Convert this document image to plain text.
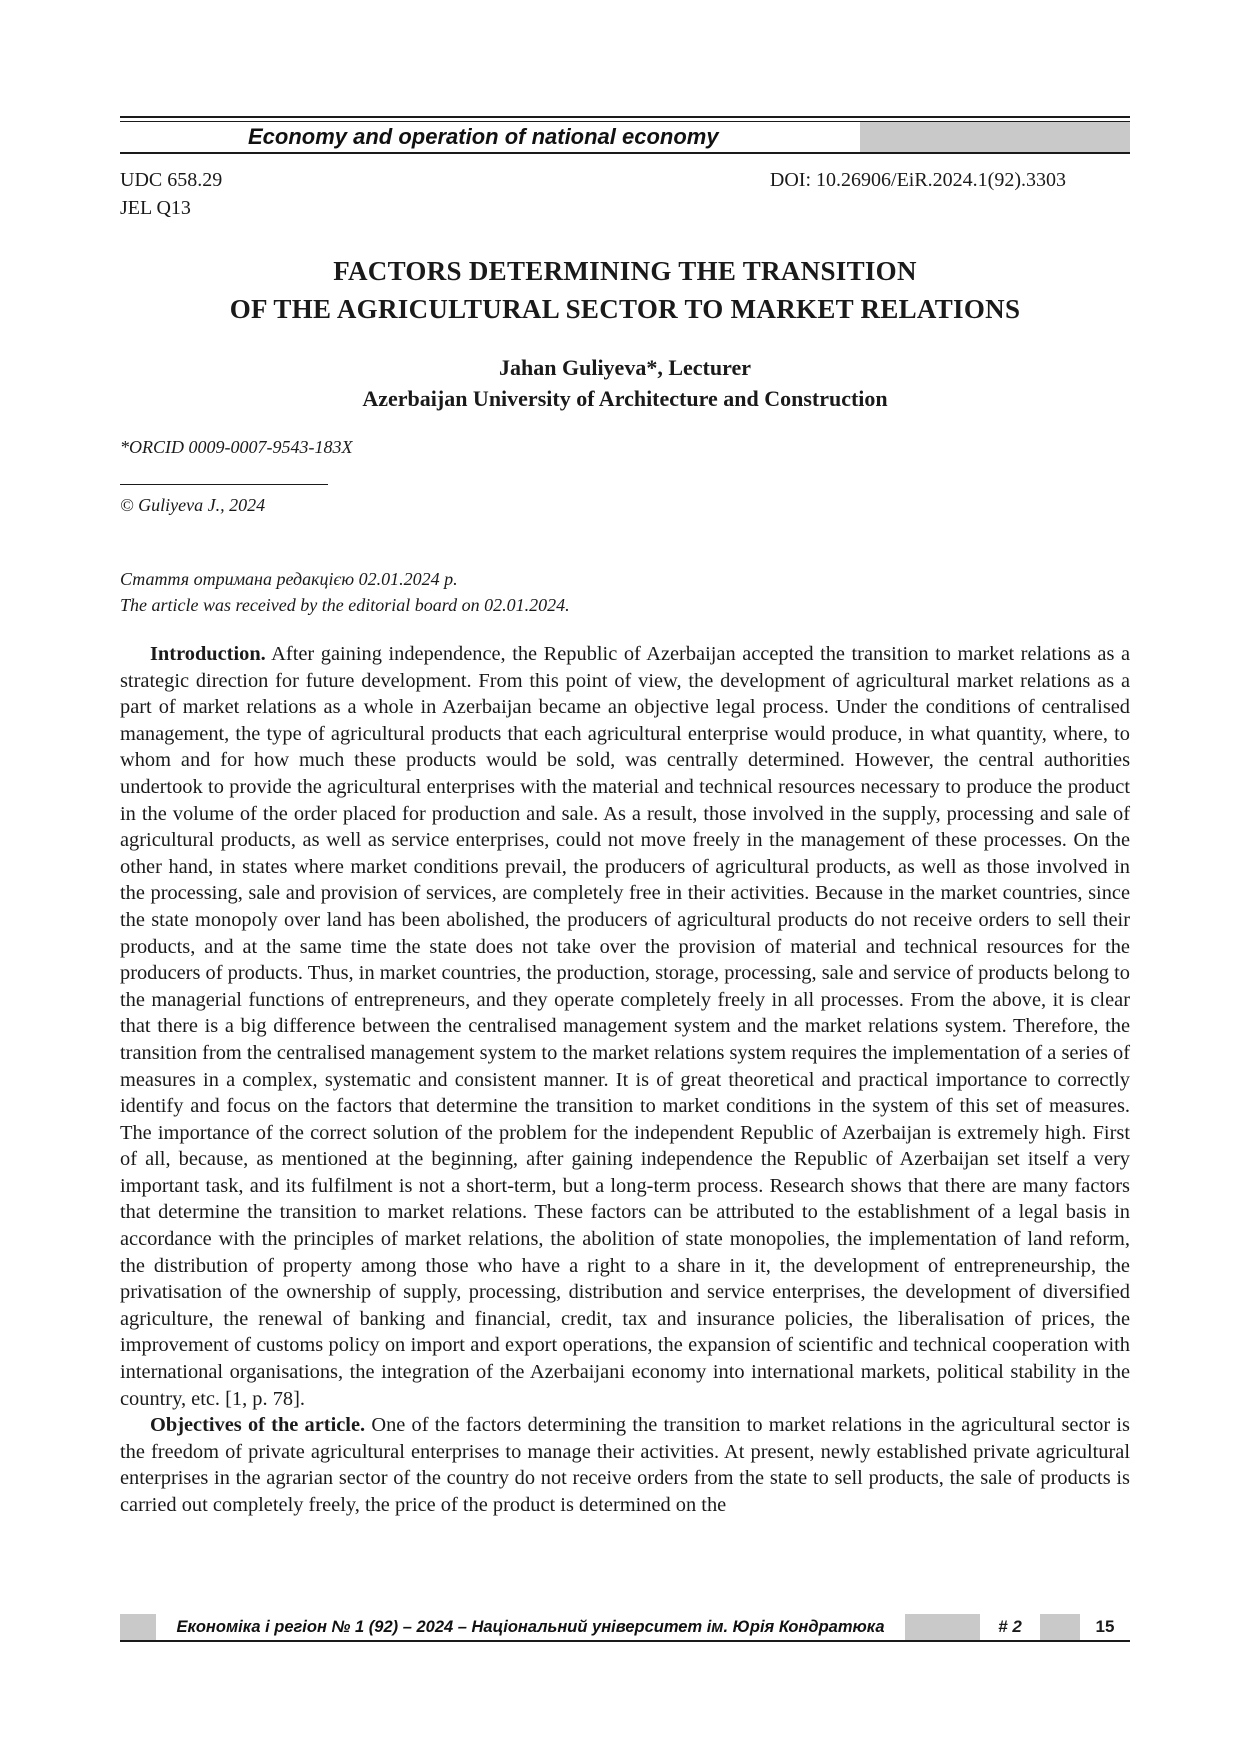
Economy and operation of national economy
UDC 658.29	DOI: 10.26906/EiR.2024.1(92).3303
JEL Q13
FACTORS DETERMINING THE TRANSITION
OF THE AGRICULTURAL SECTOR TO MARKET RELATIONS
Jahan Guliyeva*, Lecturer
Azerbaijan University of Architecture and Construction
*ORCID 0009-0007-9543-183X
© Guliyeva J., 2024
Стаття отримана редакцією 02.01.2024 р.
The article was received by the editorial board on 02.01.2024.

Introduction. After gaining independence, the Republic of Azerbaijan accepted the transition to market relations as a strategic direction for future development. From this point of view, the development of agricultural market relations as a part of market relations as a whole in Azerbaijan became an objective legal process. Under the conditions of centralised management, the type of agricultural products that each agricultural enterprise would produce, in what quantity, where, to whom and for how much these products would be sold, was centrally determined. However, the central authorities undertook to provide the agricultural enterprises with the material and technical resources necessary to produce the product in the volume of the order placed for production and sale. As a result, those involved in the supply, processing and sale of agricultural products, as well as service enterprises, could not move freely in the management of these processes. On the other hand, in states where market conditions prevail, the producers of agricultural products, as well as those involved in the processing, sale and provision of services, are completely free in their activities. Because in the market countries, since the state monopoly over land has been abolished, the producers of agricultural products do not receive orders to sell their products, and at the same time the state does not take over the provision of material and technical resources for the producers of products. Thus, in market countries, the production, storage, processing, sale and service of products belong to the managerial functions of entrepreneurs, and they operate completely freely in all processes. From the above, it is clear that there is a big difference between the centralised management system and the market relations system. Therefore, the transition from the centralised management system to the market relations system requires the implementation of a series of measures in a complex, systematic and consistent manner. It is of great theoretical and practical importance to correctly identify and focus on the factors that determine the transition to market conditions in the system of this set of measures. The importance of the correct solution of the problem for the independent Republic of Azerbaijan is extremely high. First of all, because, as mentioned at the beginning, after gaining independence the Republic of Azerbaijan set itself a very important task, and its fulfilment is not a short-term, but a long-term process. Research shows that there are many factors that determine the transition to market relations. These factors can be attributed to the establishment of a legal basis in accordance with the principles of market relations, the abolition of state monopolies, the implementation of land reform, the distribution of property among those who have a right to a share in it, the development of entrepreneurship, the privatisation of the ownership of supply, processing, distribution and service enterprises, the development of diversified agriculture, the renewal of banking and financial, credit, tax and insurance policies, the liberalisation of prices, the improvement of customs policy on import and export operations, the expansion of scientific and technical cooperation with international organisations, the integration of the Azerbaijani economy into international markets, political stability in the country, etc. [1, p. 78].

Objectives of the article. One of the factors determining the transition to market relations in the agricultural sector is the freedom of private agricultural enterprises to manage their activities. At present, newly established private agricultural enterprises in the agrarian sector of the country do not receive orders from the state to sell products, the sale of products is carried out completely freely, the price of the product is determined on the

Економіка і регіон № 1 (92) – 2024 – Національний університет ім. Юрія Кондратюка	# 2	15
